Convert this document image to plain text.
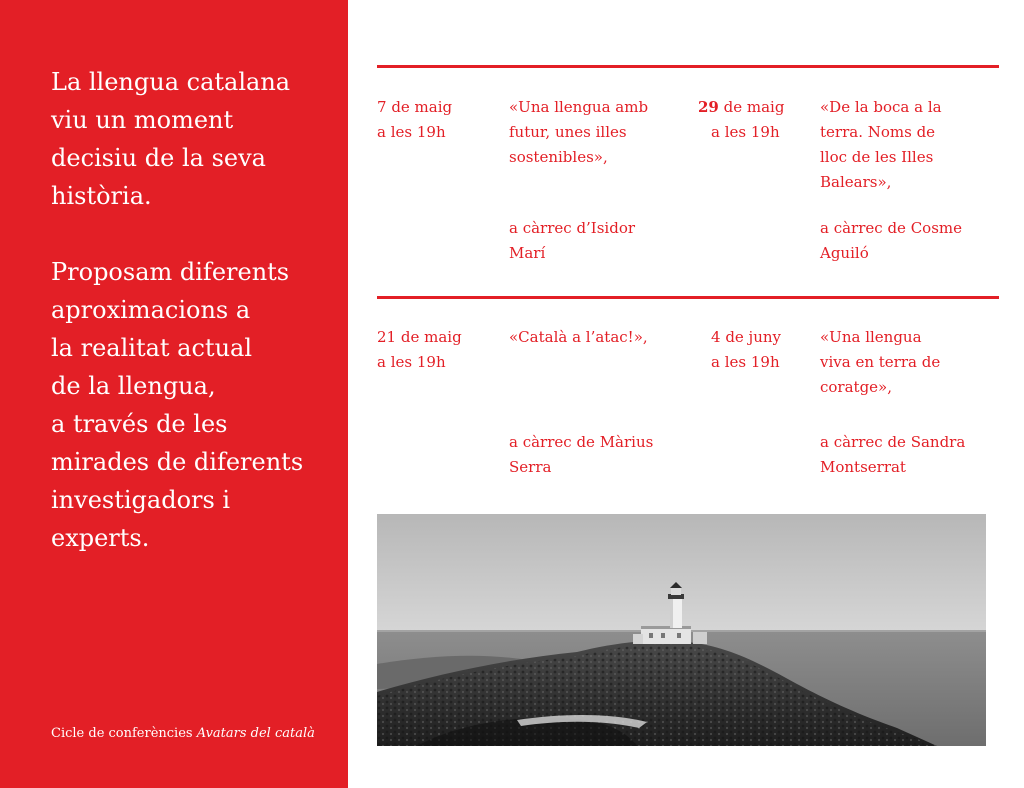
La llengua catalana
viu un moment
decisiu de la seva
història.

Proposam diferents
aproximacions a
la realitat actual
de la llengua,
a través de les
mirades de diferents
investigadors i
experts.

Cicle de conferències Avatars del català
7 de maig
a les 19h
«Una llengua amb
futur, unes illes
sostenibles»,
a càrrec d’Isidor
Marí
29 de maig
a les 19h
«De la boca a la
terra. Noms de
lloc de les Illes
Balears»,
a càrrec de Cosme
Aguiló
21 de maig
a les 19h
«Català a l’atac!»,
a càrrec de Màrius
Serra
4 de juny
a les 19h
«Una llengua
viva en terra de
coratge»,
a càrrec de Sandra
Montserrat
